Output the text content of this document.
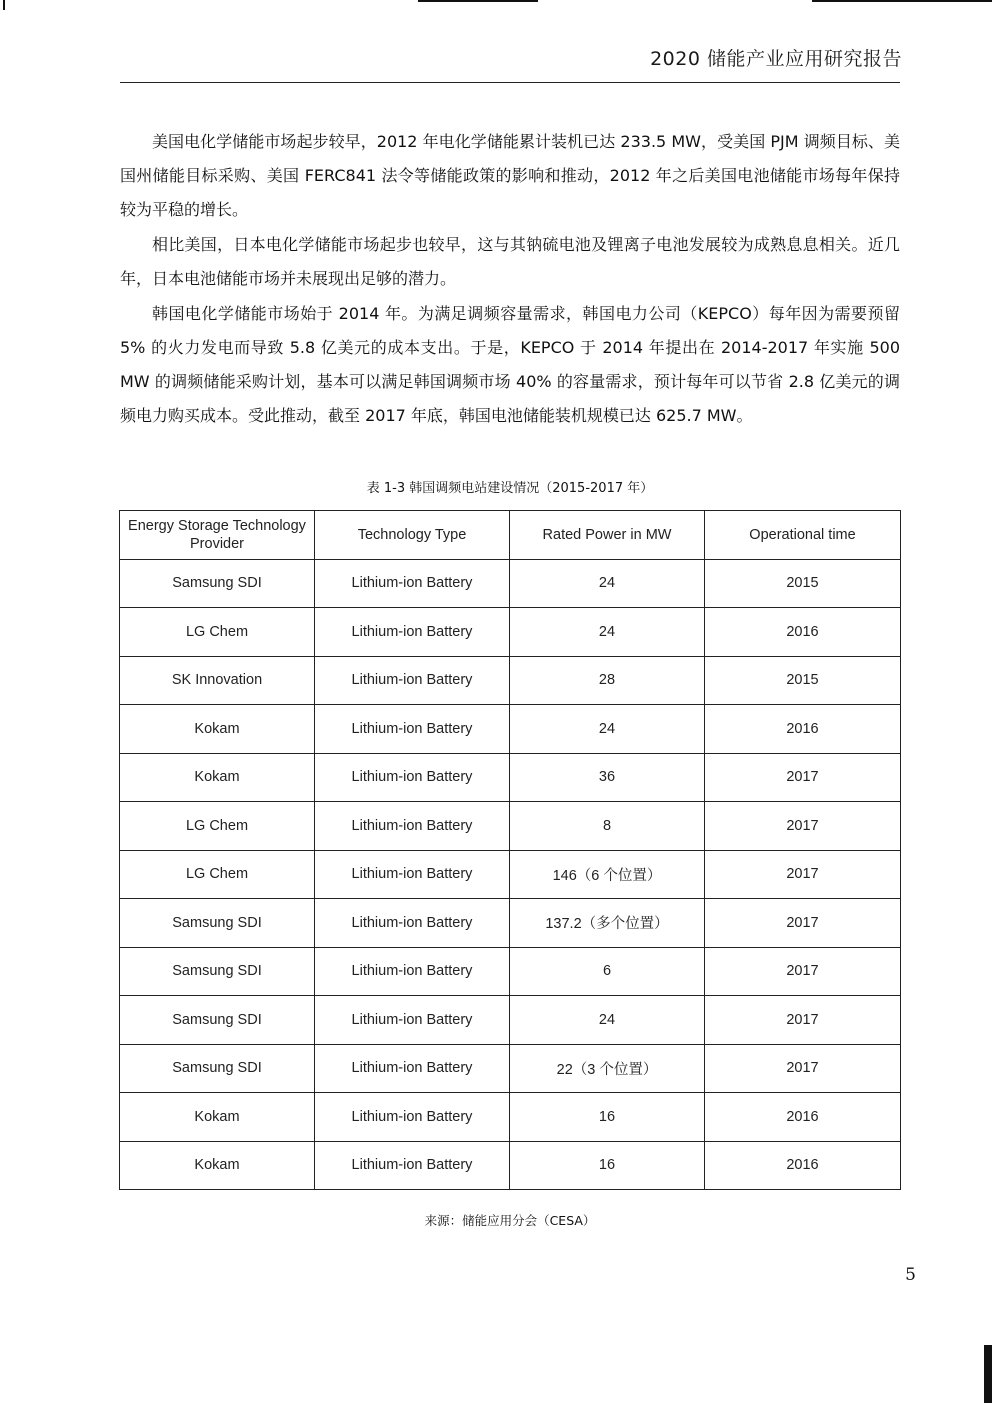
2020 储能产业应用研究报告

美国电化学储能市场起步较早，2012 年电化学储能累计装机已达 233.5 MW，受美国 PJM 调频目标、美国州储能目标采购、美国 FERC841 法令等储能政策的影响和推动，2012 年之后美国电池储能市场每年保持较为平稳的增长。

相比美国，日本电化学储能市场起步也较早，这与其钠硫电池及锂离子电池发展较为成熟息息相关。近几年，日本电池储能市场并未展现出足够的潜力。

韩国电化学储能市场始于 2014 年。为满足调频容量需求，韩国电力公司（KEPCO）每年因为需要预留 5% 的火力发电而导致 5.8 亿美元的成本支出。于是，KEPCO 于 2014 年提出在 2014-2017 年实施 500 MW 的调频储能采购计划，基本可以满足韩国调频市场 40% 的容量需求，预计每年可以节省 2.8 亿美元的调频电力购买成本。受此推动，截至 2017 年底，韩国电池储能装机规模已达 625.7 MW。

表 1-3 韩国调频电站建设情况（2015-2017 年）
Energy Storage Technology Provider	Technology Type	Rated Power in MW	Operational time
Samsung SDI	Lithium-ion Battery	24	2015
LG Chem	Lithium-ion Battery	24	2016
SK Innovation	Lithium-ion Battery	28	2015
Kokam	Lithium-ion Battery	24	2016
Kokam	Lithium-ion Battery	36	2017
LG Chem	Lithium-ion Battery	8	2017
LG Chem	Lithium-ion Battery	146（6 个位置）	2017
Samsung SDI	Lithium-ion Battery	137.2（多个位置）	2017
Samsung SDI	Lithium-ion Battery	6	2017
Samsung SDI	Lithium-ion Battery	24	2017
Samsung SDI	Lithium-ion Battery	22（3 个位置）	2017
Kokam	Lithium-ion Battery	16	2016
Kokam	Lithium-ion Battery	16	2016
来源：储能应用分会（CESA）
5
